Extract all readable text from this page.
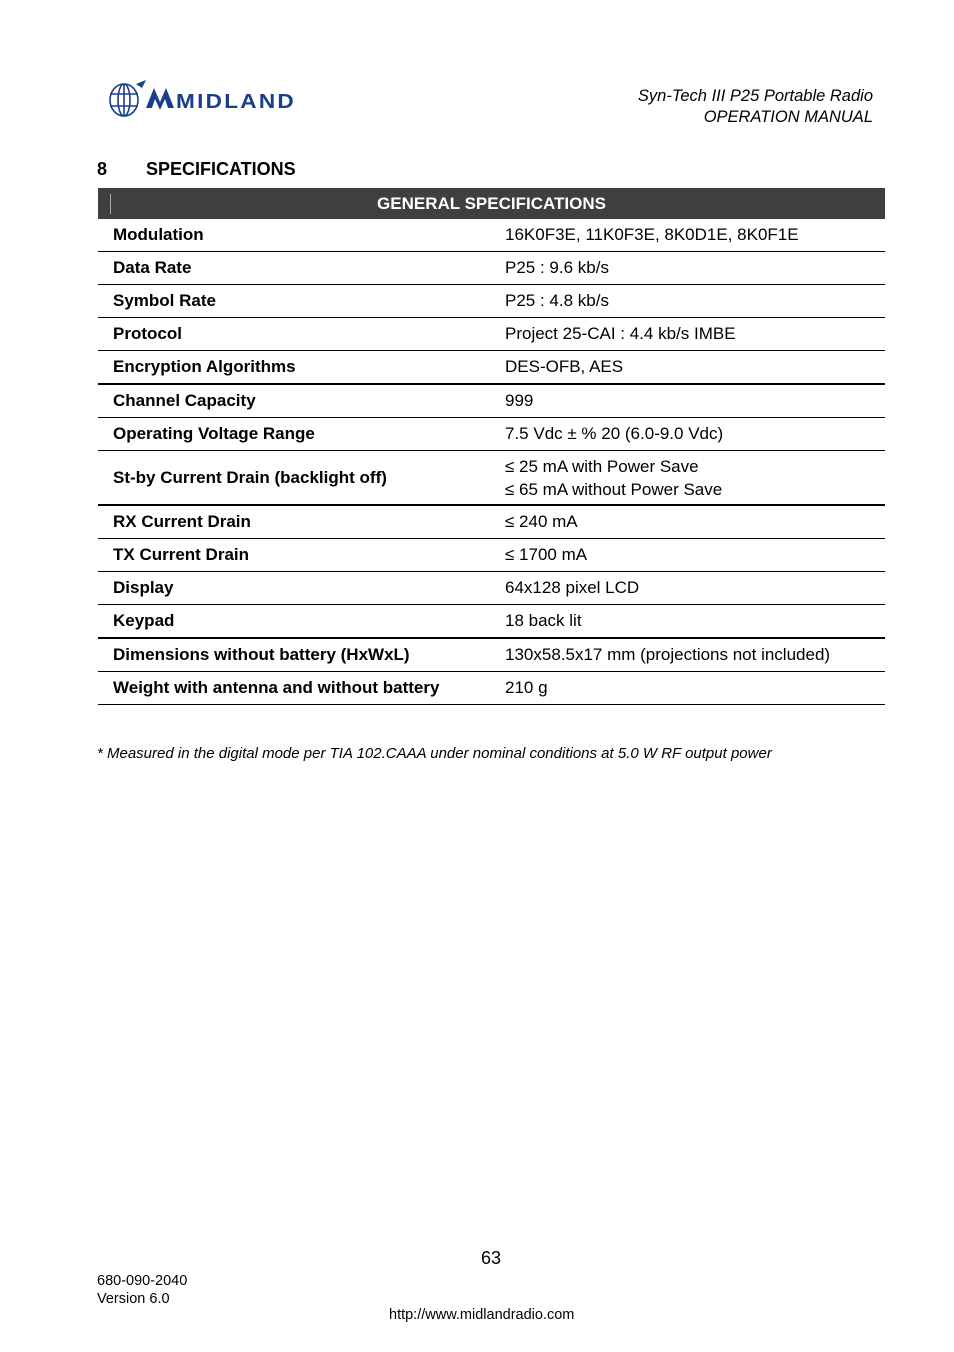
MIDLAND	Syn-Tech III P25 Portable Radio
OPERATION MANUAL
8 SPECIFICATIONS
GENERAL SPECIFICATIONS	
Modulation	16K0F3E, 11K0F3E, 8K0D1E, 8K0F1E
Data Rate	P25 : 9.6 kb/s
Symbol Rate	P25 : 4.8 kb/s
Protocol	Project 25-CAI : 4.4 kb/s IMBE
Encryption Algorithms	DES-OFB, AES
Channel Capacity	999
Operating Voltage Range	7.5 Vdc ± % 20 (6.0-9.0 Vdc)
St-by Current Drain (backlight off)	≤ 25 mA with Power Save
≤ 65 mA without Power Save

RX Current Drain	≤ 240 mA
TX Current Drain	≤ 1700 mA
Display	64x128 pixel LCD
Keypad	18 back lit
Dimensions without battery (HxWxL)	130x58.5x17 mm (projections not included)
Weight with antenna and without battery	210 g
* Measured in the digital mode per TIA 102.CAAA under nominal conditions at 5.0 W RF output power
63
680-090-2040
Version 6.0
http://www.midlandradio.com
